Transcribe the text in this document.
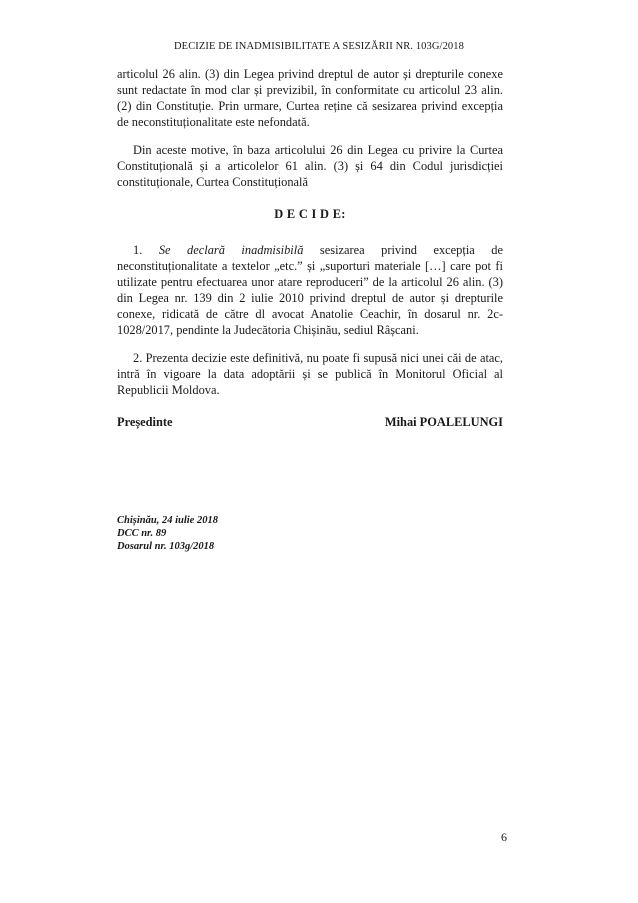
DECIZIE DE INADMISIBILITATE A SESIZĂRII NR. 103G/2018

articolul 26 alin. (3) din Legea privind dreptul de autor și drepturile conexe sunt redactate în mod clar și previzibil, în conformitate cu articolul 23 alin. (2) din Constituție. Prin urmare, Curtea reține că sesizarea privind excepția de neconstituționalitate este nefondată.

Din aceste motive, în baza articolului 26 din Legea cu privire la Curtea Constituțională și a articolelor 61 alin. (3) și 64 din Codul jurisdicției constituționale, Curtea Constituțională

D E C I D E:

1. Se declară inadmisibilă sesizarea privind excepția de neconstituționalitate a textelor „etc.” și „suporturi materiale […] care pot fi utilizate pentru efectuarea unor atare reproduceri” de la articolul 26 alin. (3) din Legea nr. 139 din 2 iulie 2010 privind dreptul de autor și drepturile conexe, ridicată de către dl avocat Anatolie Ceachir, în dosarul nr. 2c-1028/2017, pendinte la Judecătoria Chișinău, sediul Râșcani.

2. Prezenta decizie este definitivă, nu poate fi supusă nici unei căi de atac, intră în vigoare la data adoptării și se publică în Monitorul Oficial al Republicii Moldova.

Președinte	Mihai POALELUNGI
Chișinău, 24 iulie 2018
DCC nr. 89
Dosarul nr. 103g/2018
6
